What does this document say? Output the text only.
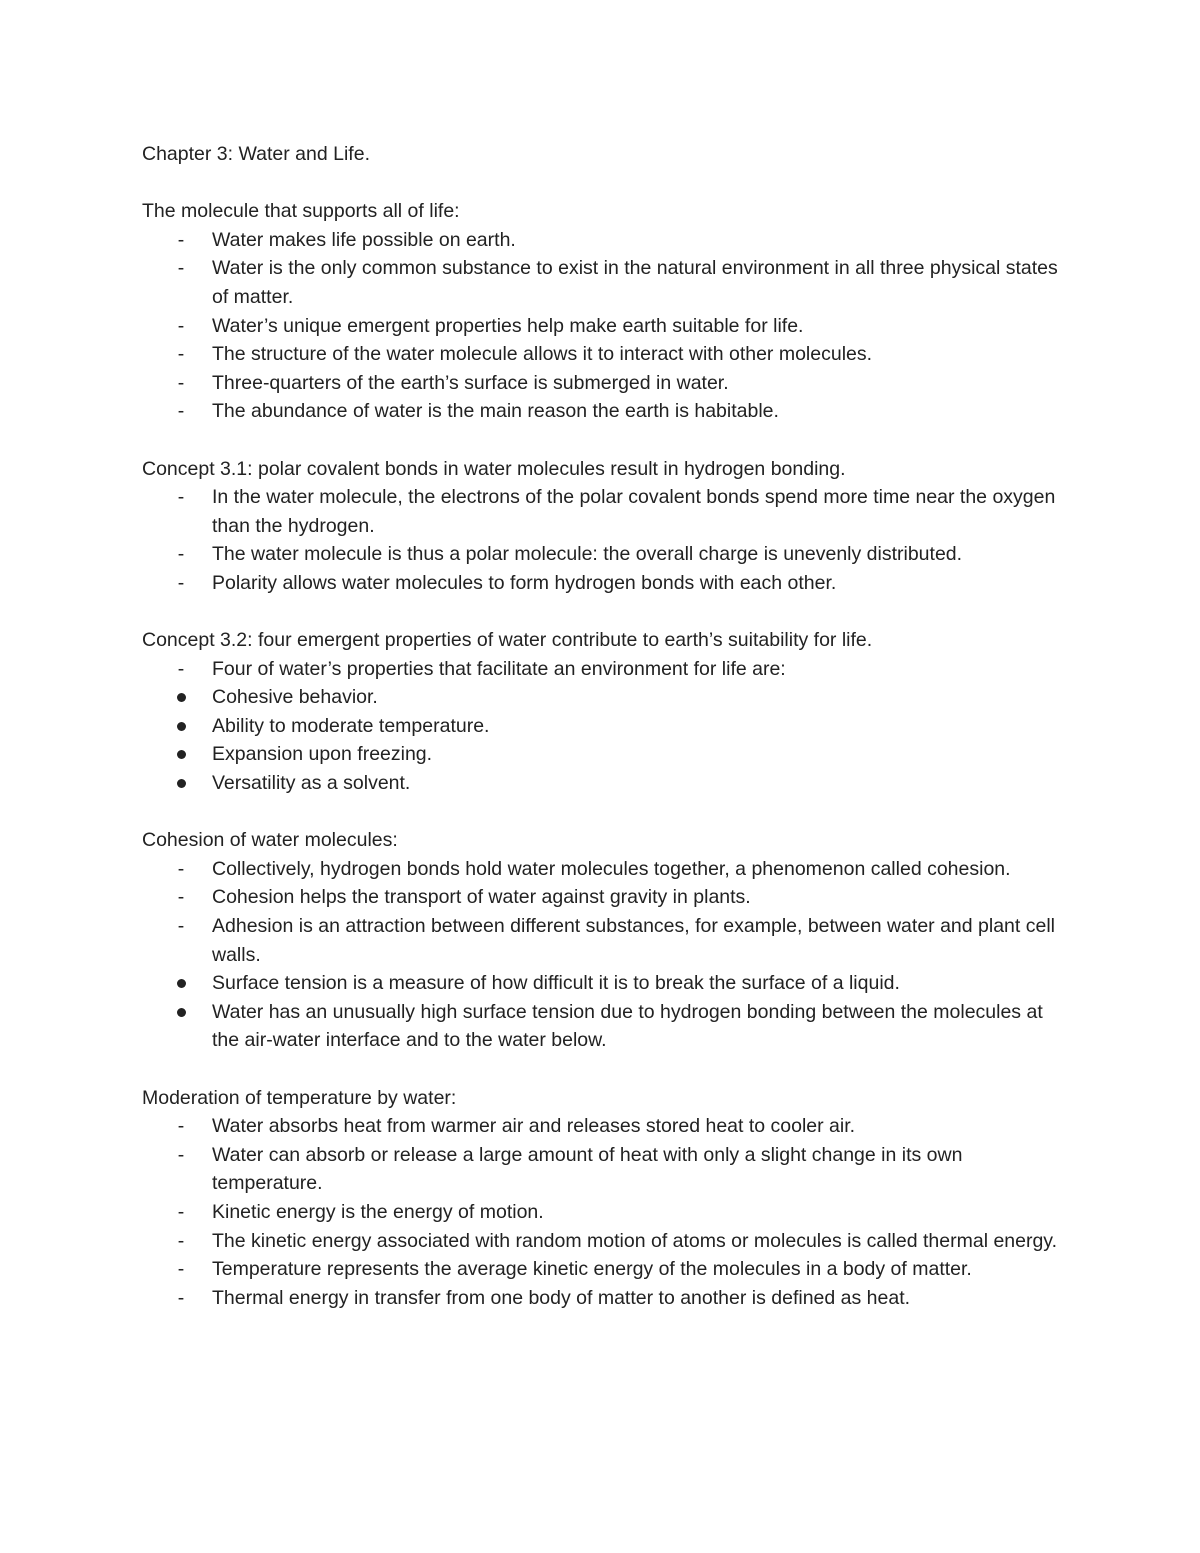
Chapter 3: Water and Life.
The molecule that supports all of life:
- Water makes life possible on earth.
- Water is the only common substance to exist in the natural environment in all three physical states of matter.
- Water’s unique emergent properties help make earth suitable for life.
- The structure of the water molecule allows it to interact with other molecules.
- Three-quarters of the earth’s surface is submerged in water.
- The abundance of water is the main reason the earth is habitable.
Concept 3.1: polar covalent bonds in water molecules result in hydrogen bonding.
- In the water molecule, the electrons of the polar covalent bonds spend more time near the oxygen than the hydrogen.
- The water molecule is thus a polar molecule: the overall charge is unevenly distributed.
- Polarity allows water molecules to form hydrogen bonds with each other.
Concept 3.2: four emergent properties of water contribute to earth’s suitability for life.
- Four of water’s properties that facilitate an environment for life are:
Cohesive behavior.
Ability to moderate temperature.
Expansion upon freezing.
Versatility as a solvent.
Cohesion of water molecules:
- Collectively, hydrogen bonds hold water molecules together, a phenomenon called cohesion.
- Cohesion helps the transport of water against gravity in plants.
- Adhesion is an attraction between different substances, for example, between water and plant cell walls.
Surface tension is a measure of how difficult it is to break the surface of a liquid.
Water has an unusually high surface tension due to hydrogen bonding between the molecules at the air-water interface and to the water below.
Moderation of temperature by water:
- Water absorbs heat from warmer air and releases stored heat to cooler air.
- Water can absorb or release a large amount of heat with only a slight change in its own temperature.
- Kinetic energy is the energy of motion.
- The kinetic energy associated with random motion of atoms or molecules is called thermal energy.
- Temperature represents the average kinetic energy of the molecules in a body of matter.
- Thermal energy in transfer from one body of matter to another is defined as heat.
